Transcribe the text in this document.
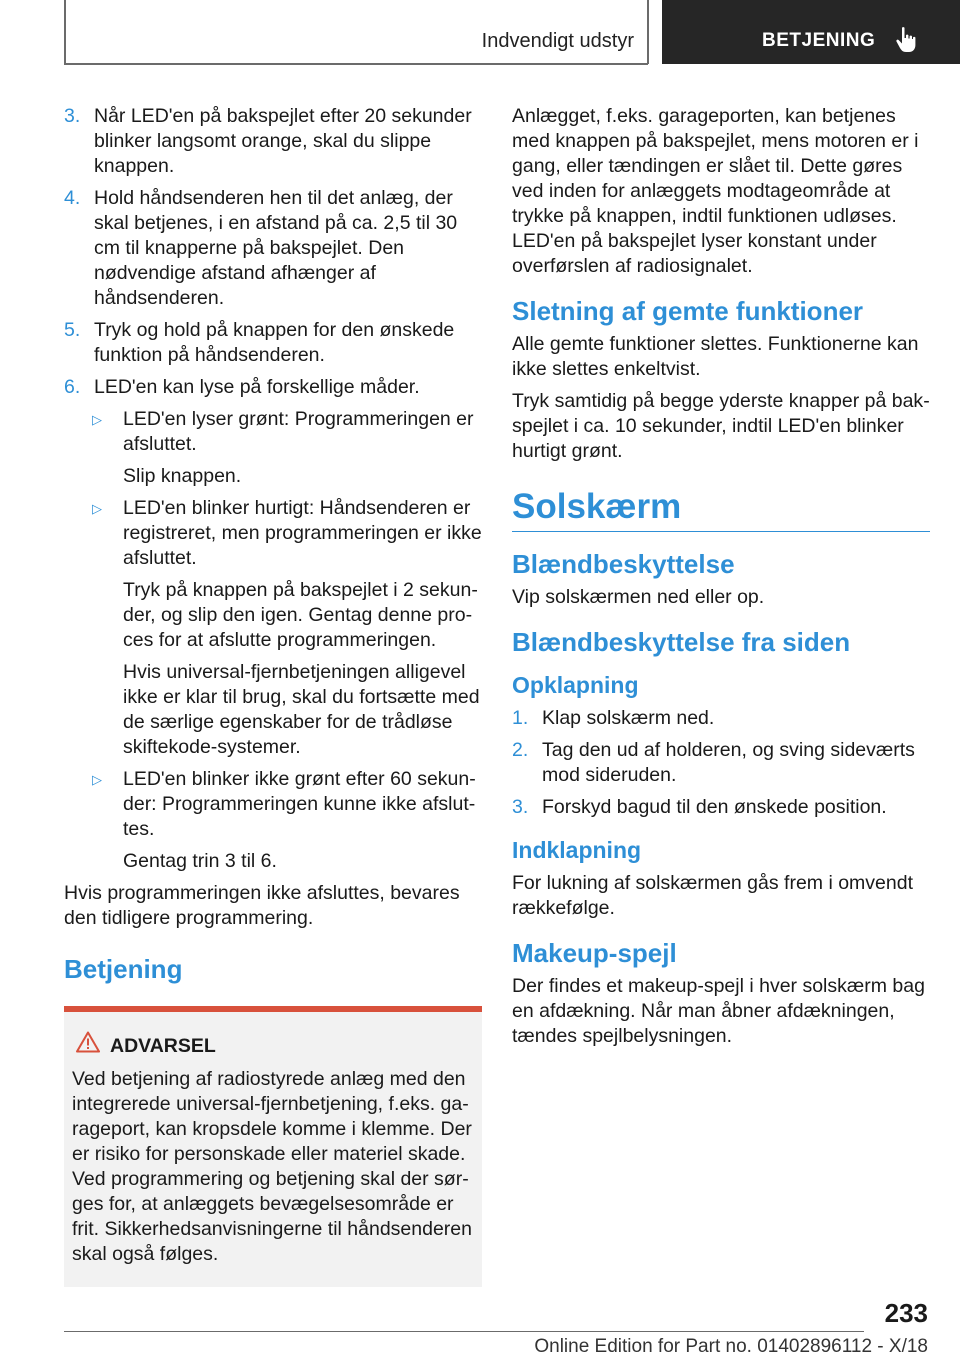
Indvendigt udstyr	BETJENING
3. Når LED'en på bakspejlet efter 20 sekunder blinker langsomt orange, skal du slippe knappen.
4. Hold håndsenderen hen til det anlæg, der skal betjenes, i en afstand på ca. 2,5 til 30 cm til knapperne på bakspejlet. Den nødvendige afstand afhænger af håndsenderen.
5. Tryk og hold på knappen for den ønskede funktion på håndsenderen.
6. LED'en kan lyse på forskellige måder.
▷ LED'en lyser grønt: Programmeringen er afsluttet.
Slip knappen.
▷ LED'en blinker hurtigt: Håndsenderen er registreret, men programmeringen er ikke afsluttet.
Tryk på knappen på bakspejlet i 2 sekunder, og slip den igen. Gentag denne proces for at afslutte programmeringen.
Hvis universal-fjernbetjeningen alligevel ikke er klar til brug, skal du fortsætte med de særlige egenskaber for de trådløse skiftekode-systemer.
▷ LED'en blinker ikke grønt efter 60 sekunder: Programmeringen kunne ikke afsluttes.
Gentag trin 3 til 6.

Hvis programmeringen ikke afsluttes, bevares den tidligere programmering.

Betjening
ADVARSEL
Ved betjening af radiostyrede anlæg med den integrerede universal-fjernbetjening, f.eks. garageport, kan kropsdele komme i klemme. Der er risiko for personskade eller materiel skade. Ved programmering og betjening skal der sørges for, at anlæggets bevægelsesområde er frit. Sikkerhedsanvisningerne til håndsenderen skal også følges.

Anlægget, f.eks. garageporten, kan betjenes med knappen på bakspejlet, mens motoren er i gang, eller tændingen er slået til. Dette gøres ved inden for anlæggets modtageområde at trykke på knappen, indtil funktionen udløses. LED'en på bakspejlet lyser konstant under overførslen af radiosignalet.

Sletning af gemte funktioner

Alle gemte funktioner slettes. Funktionerne kan ikke slettes enkeltvist.

Tryk samtidig på begge yderste knapper på bakspejlet i ca. 10 sekunder, indtil LED'en blinker hurtigt grønt.

Solskærm
Blændbeskyttelse

Vip solskærmen ned eller op.

Blændbeskyttelse fra siden
Opklapning
1. Klap solskærm ned.
2. Tag den ud af holderen, og sving sideværts mod sideruden.
3. Forskyd bagud til den ønskede position.
Indklapning

For lukning af solskærmen gås frem i omvendt rækkefølge.

Makeup-spejl

Der findes et makeup-spejl i hver solskærm bag en afdækning. Når man åbner afdækningen, tændes spejlbelysningen.

233
Online Edition for Part no. 01402896112 - X/18
